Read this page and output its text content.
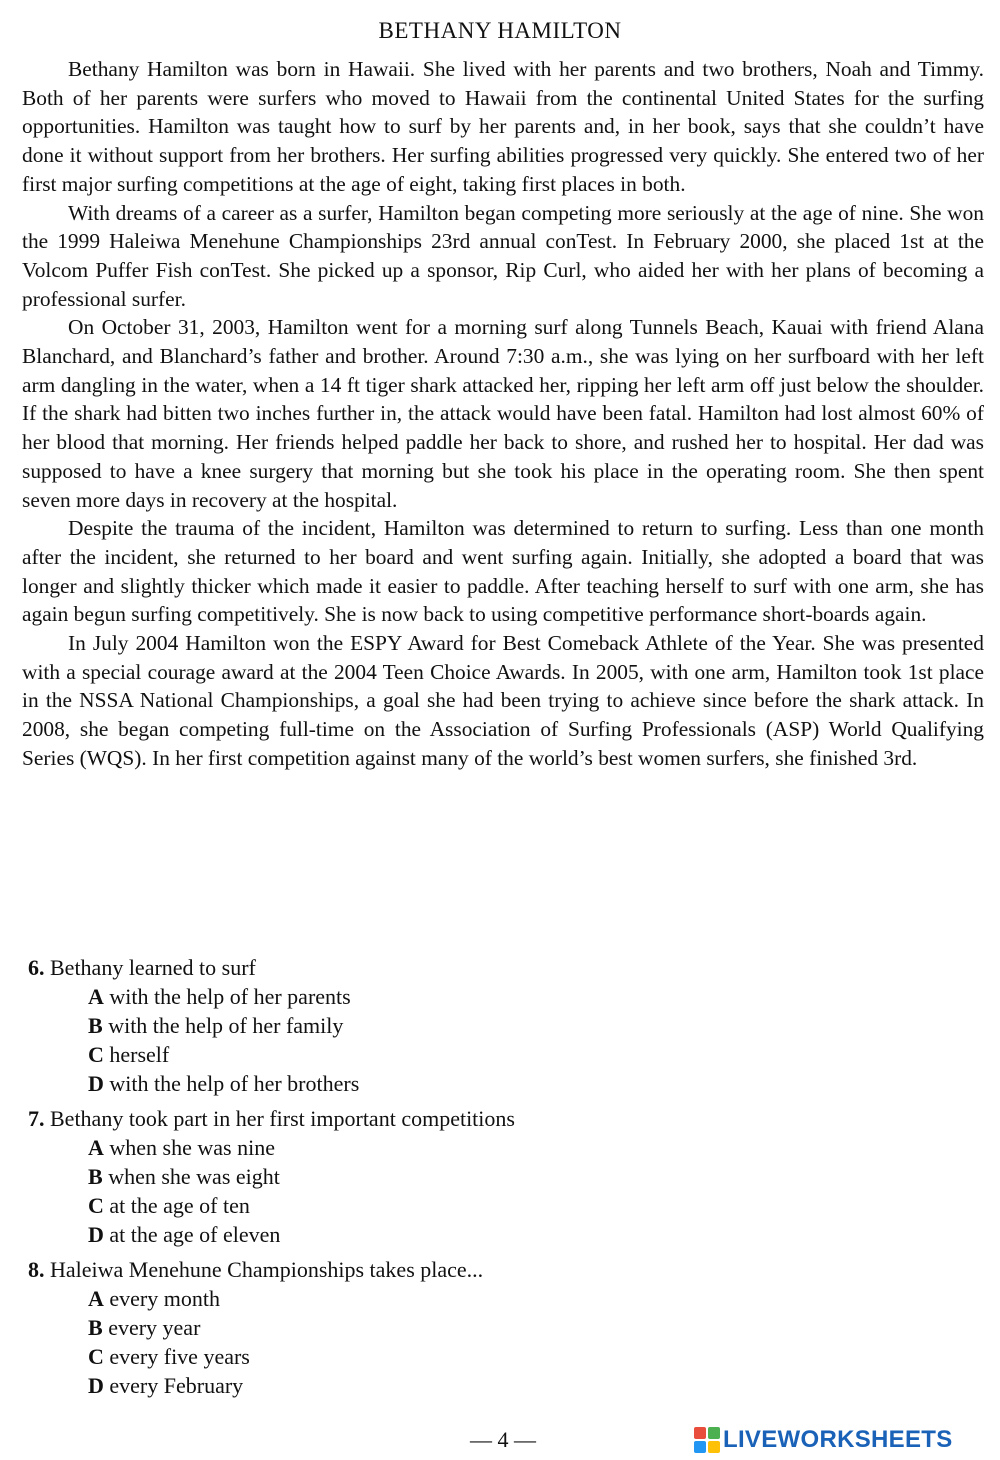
BETHANY HAMILTON

Bethany Hamilton was born in Hawaii. She lived with her parents and two brothers, Noah and Timmy. Both of her parents were surfers who moved to Hawaii from the continental United States for the surfing opportunities. Hamilton was taught how to surf by her parents and, in her book, says that she couldn’t have done it without support from her brothers. Her surfing abilities progressed very quickly. She entered two of her first major surfing competitions at the age of eight, taking first places in both.

With dreams of a career as a surfer, Hamilton began competing more seriously at the age of nine. She won the 1999 Haleiwa Menehune Championships 23rd annual conTest. In February 2000, she placed 1st at the Volcom Puffer Fish conTest. She picked up a sponsor, Rip Curl, who aided her with her plans of becoming a professional surfer.

On October 31, 2003, Hamilton went for a morning surf along Tunnels Beach, Kauai with friend Alana Blanchard, and Blanchard’s father and brother. Around 7:30 a.m., she was lying on her surfboard with her left arm dangling in the water, when a 14 ft tiger shark attacked her, ripping her left arm off just below the shoulder. If the shark had bitten two inches further in, the attack would have been fatal. Hamilton had lost almost 60% of her blood that morning. Her friends helped paddle her back to shore, and rushed her to hospital. Her dad was supposed to have a knee surgery that morning but she took his place in the operating room. She then spent seven more days in recovery at the hospital.

Despite the trauma of the incident, Hamilton was determined to return to surfing. Less than one month after the incident, she returned to her board and went surfing again. Initially, she adopted a board that was longer and slightly thicker which made it easier to paddle. After teaching herself to surf with one arm, she has again begun surfing competitively. She is now back to using competitive performance short-boards again.

In July 2004 Hamilton won the ESPY Award for Best Comeback Athlete of the Year. She was presented with a special courage award at the 2004 Teen Choice Awards. In 2005, with one arm, Hamilton took 1st place in the NSSA National Championships, a goal she had been trying to achieve since before the shark attack. In 2008, she began competing full-time on the Association of Surfing Professionals (ASP) World Qualifying Series (WQS). In her first competition against many of the world’s best women surfers, she finished 3rd.

6. Bethany learned to surf
A with the help of her parents
B with the help of her family
C herself
D with the help of her brothers
7. Bethany took part in her first important competitions
A when she was nine
B when she was eight
C at the age of ten
D at the age of eleven
8. Haleiwa Menehune Championships takes place...
A every month
B every year
C every five years
D every February
— 4 —	LIVEWORKSHEETS
